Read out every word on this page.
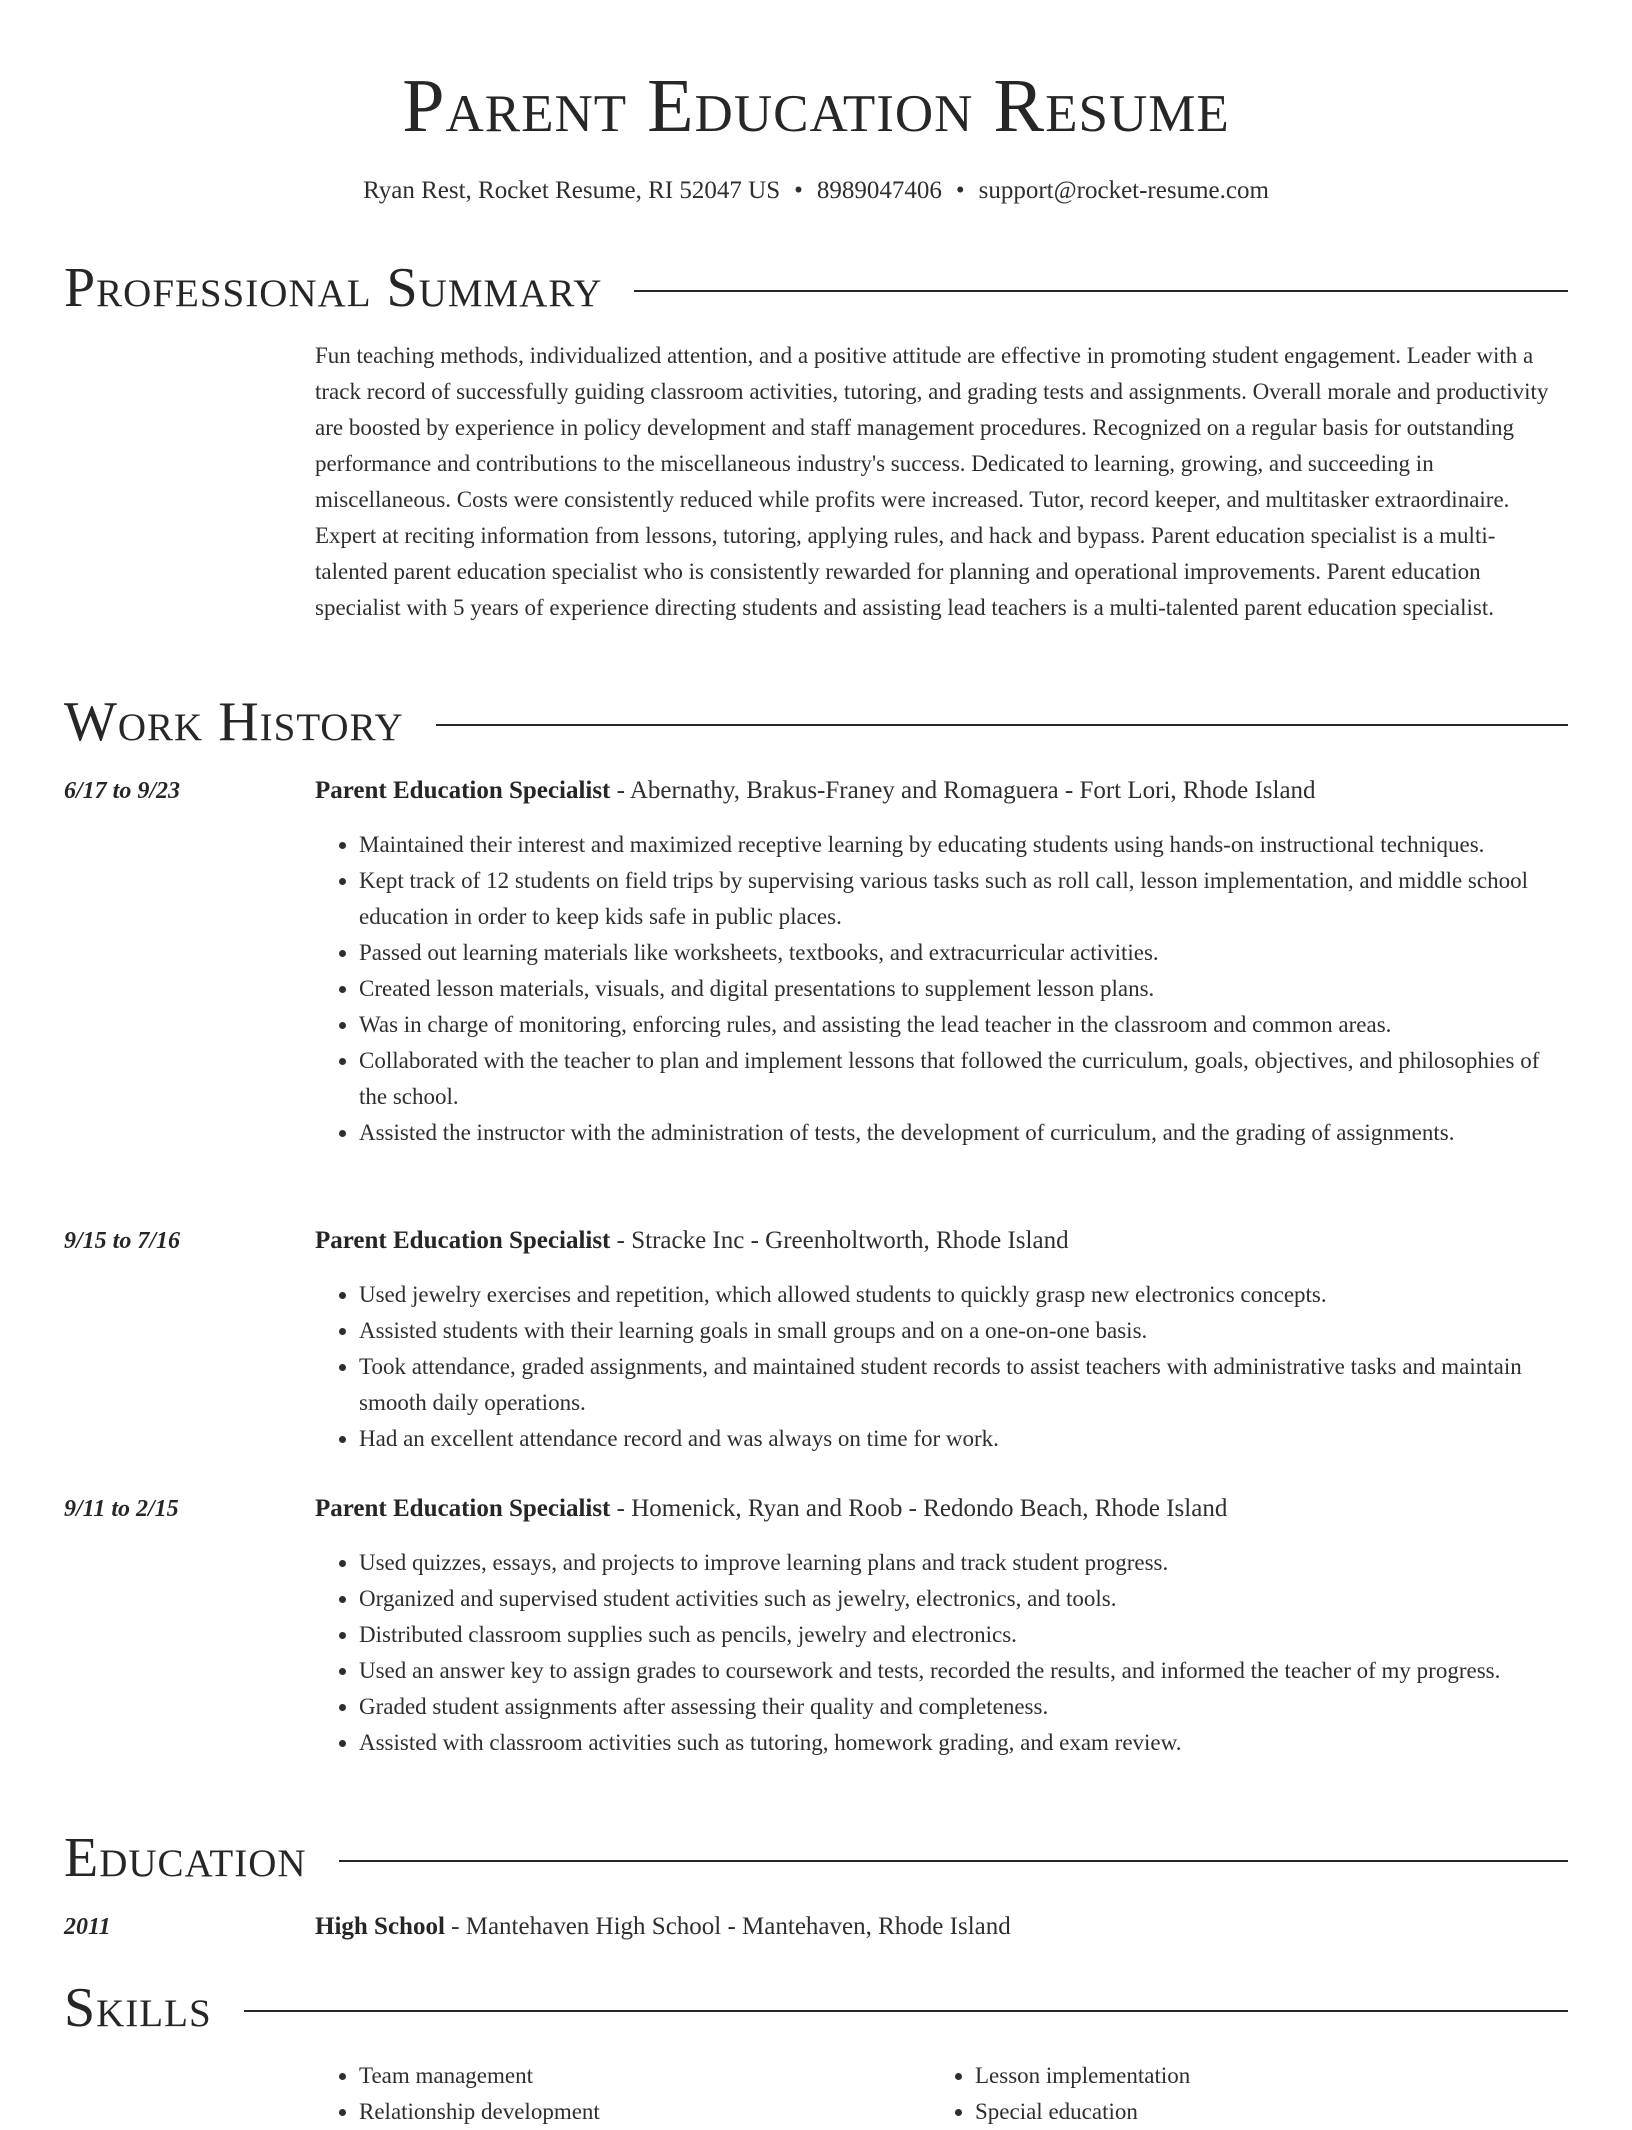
Parent Education Resume
Ryan Rest, Rocket Resume, RI 52047 US • 8989047406 • support@rocket-resume.com
Professional Summary
Fun teaching methods, individualized attention, and a positive attitude are effective in promoting student engagement. Leader with a track record of successfully guiding classroom activities, tutoring, and grading tests and assignments. Overall morale and productivity are boosted by experience in policy development and staff management procedures. Recognized on a regular basis for outstanding performance and contributions to the miscellaneous industry's success. Dedicated to learning, growing, and succeeding in miscellaneous. Costs were consistently reduced while profits were increased. Tutor, record keeper, and multitasker extraordinaire. Expert at reciting information from lessons, tutoring, applying rules, and hack and bypass. Parent education specialist is a multi-talented parent education specialist who is consistently rewarded for planning and operational improvements. Parent education specialist with 5 years of experience directing students and assisting lead teachers is a multi-talented parent education specialist.
Work History
6/17 to 9/23	Parent Education Specialist - Abernathy, Brakus-Franey and Romaguera - Fort Lori, Rhode Island
• Maintained their interest and maximized receptive learning by educating students using hands-on instructional techniques.
• Kept track of 12 students on field trips by supervising various tasks such as roll call, lesson implementation, and middle school education in order to keep kids safe in public places.
• Passed out learning materials like worksheets, textbooks, and extracurricular activities.
• Created lesson materials, visuals, and digital presentations to supplement lesson plans.
• Was in charge of monitoring, enforcing rules, and assisting the lead teacher in the classroom and common areas.
• Collaborated with the teacher to plan and implement lessons that followed the curriculum, goals, objectives, and philosophies of the school.
• Assisted the instructor with the administration of tests, the development of curriculum, and the grading of assignments.
9/15 to 7/16	Parent Education Specialist - Stracke Inc - Greenholtworth, Rhode Island
• Used jewelry exercises and repetition, which allowed students to quickly grasp new electronics concepts.
• Assisted students with their learning goals in small groups and on a one-on-one basis.
• Took attendance, graded assignments, and maintained student records to assist teachers with administrative tasks and maintain smooth daily operations.
• Had an excellent attendance record and was always on time for work.
9/11 to 2/15	Parent Education Specialist - Homenick, Ryan and Roob - Redondo Beach, Rhode Island
• Used quizzes, essays, and projects to improve learning plans and track student progress.
• Organized and supervised student activities such as jewelry, electronics, and tools.
• Distributed classroom supplies such as pencils, jewelry and electronics.
• Used an answer key to assign grades to coursework and tests, recorded the results, and informed the teacher of my progress.
• Graded student assignments after assessing their quality and completeness.
• Assisted with classroom activities such as tutoring, homework grading, and exam review.
Education
2011	High School - Mantehaven High School - Mantehaven, Rhode Island
Skills
• Team management
• Relationship development
• Lesson implementation
• Special education
